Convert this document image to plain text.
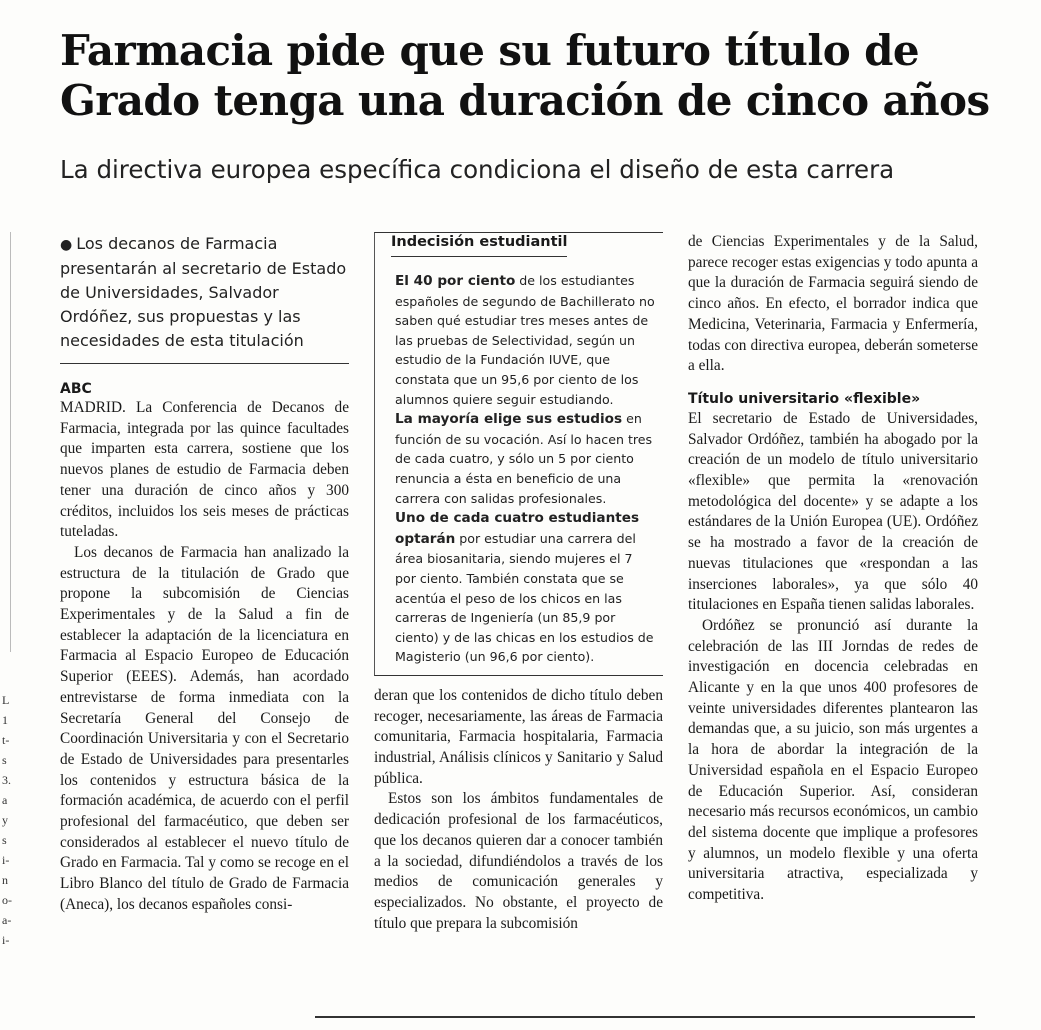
Farmacia pide que su futuro título de Grado tenga una duración de cinco años

La directiva europea específica condiciona el diseño de esta carrera

L
1
t-
s
3.
a
y
s
i-
n
o-
a-
i-

● Los decanos de Farmacia presentarán al secretario de Estado de Universidades, Salvador Ordóñez, sus propuestas y las necesidades de esta titulación

ABC

MADRID. La Conferencia de Decanos de Farmacia, integrada por las quince facultades que imparten esta carrera, sostiene que los nuevos planes de estudio de Farmacia deben tener una duración de cinco años y 300 créditos, incluidos los seis meses de prácticas tuteladas.

Los decanos de Farmacia han analizado la estructura de la titulación de Grado que propone la subcomisión de Ciencias Experimentales y de la Salud a fin de establecer la adaptación de la licenciatura en Farmacia al Espacio Europeo de Educación Superior (EEES). Además, han acordado entrevistarse de forma inmediata con la Secretaría General del Consejo de Coordinación Universitaria y con el Secretario de Estado de Universidades para presentarles los contenidos y estructura básica de la formación académica, de acuerdo con el perfil profesional del farmacéutico, que deben ser considerados al establecer el nuevo título de Grado en Farmacia. Tal y como se recoge en el Libro Blanco del título de Grado de Farmacia (Aneca), los decanos españoles consi-

Indecisión estudiantil

El 40 por ciento de los estudiantes españoles de segundo de Bachillerato no saben qué estudiar tres meses antes de las pruebas de Selectividad, según un estudio de la Fundación IUVE, que constata que un 95,6 por ciento de los alumnos quiere seguir estudiando.

La mayoría elige sus estudios en función de su vocación. Así lo hacen tres de cada cuatro, y sólo un 5 por ciento renuncia a ésta en beneficio de una carrera con salidas profesionales.

Uno de cada cuatro estudiantes optarán por estudiar una carrera del área biosanitaria, siendo mujeres el 7 por ciento. También constata que se acentúa el peso de los chicos en las carreras de Ingeniería (un 85,9 por ciento) y de las chicas en los estudios de Magisterio (un 96,6 por ciento).

deran que los contenidos de dicho título deben recoger, necesariamente, las áreas de Farmacia comunitaria, Farmacia hospitalaria, Farmacia industrial, Análisis clínicos y Sanitario y Salud pública.

Estos son los ámbitos fundamentales de dedicación profesional de los farmacéuticos, que los decanos quieren dar a conocer también a la sociedad, difundiéndolos a través de los medios de comunicación generales y especializados. No obstante, el proyecto de título que prepara la subcomisión

de Ciencias Experimentales y de la Salud, parece recoger estas exigencias y todo apunta a que la duración de Farmacia seguirá siendo de cinco años. En efecto, el borrador indica que Medicina, Veterinaria, Farmacia y Enfermería, todas con directiva europea, deberán someterse a ella.

Título universitario «flexible»

El secretario de Estado de Universidades, Salvador Ordóñez, también ha abogado por la creación de un modelo de título universitario «flexible» que permita la «renovación metodológica del docente» y se adapte a los estándares de la Unión Europea (UE). Ordóñez se ha mostrado a favor de la creación de nuevas titulaciones que «respondan a las inserciones laborales», ya que sólo 40 titulaciones en España tienen salidas laborales.

Ordóñez se pronunció así durante la celebración de las III Jorndas de redes de investigación en docencia celebradas en Alicante y en la que unos 400 profesores de veinte universidades diferentes plantearon las demandas que, a su juicio, son más urgentes a la hora de abordar la integración de la Universidad española en el Espacio Europeo de Educación Superior. Así, consideran necesario más recursos económicos, un cambio del sistema docente que implique a profesores y alumnos, un modelo flexible y una oferta universitaria atractiva, especializada y competitiva.
